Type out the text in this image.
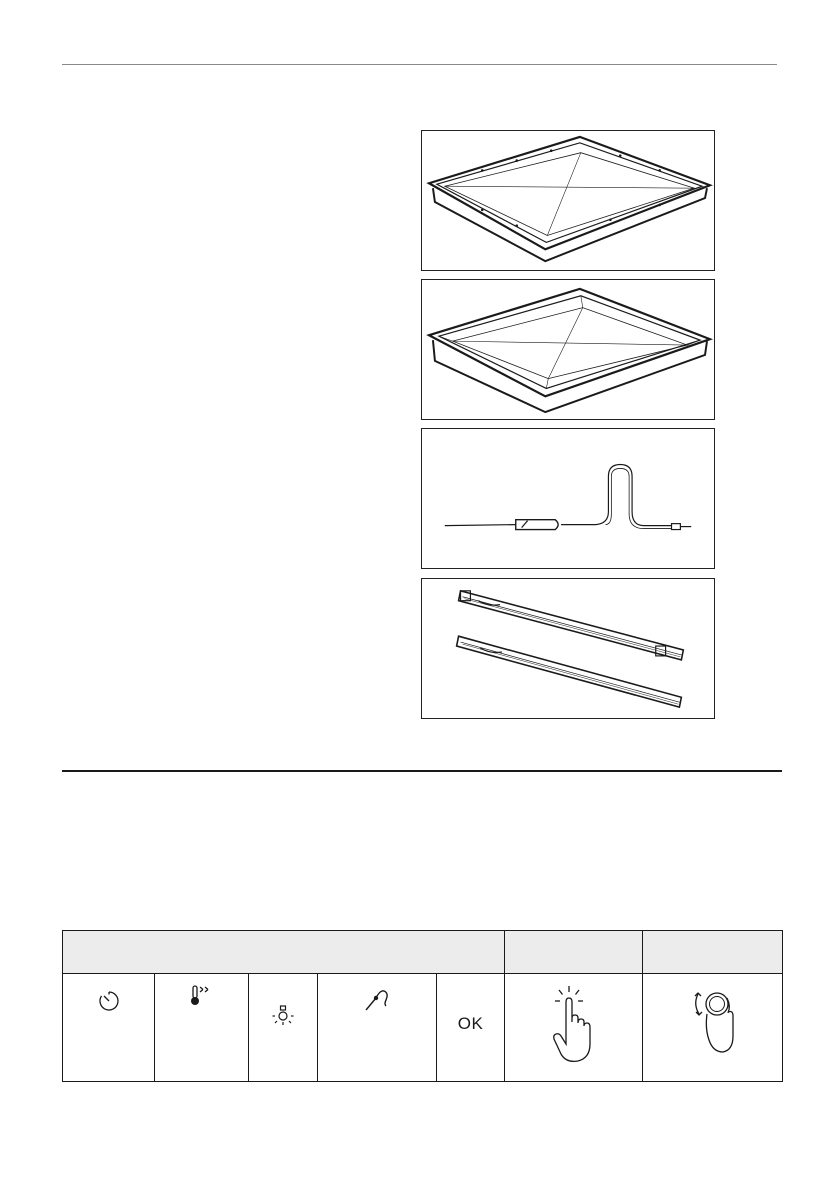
				OK		
